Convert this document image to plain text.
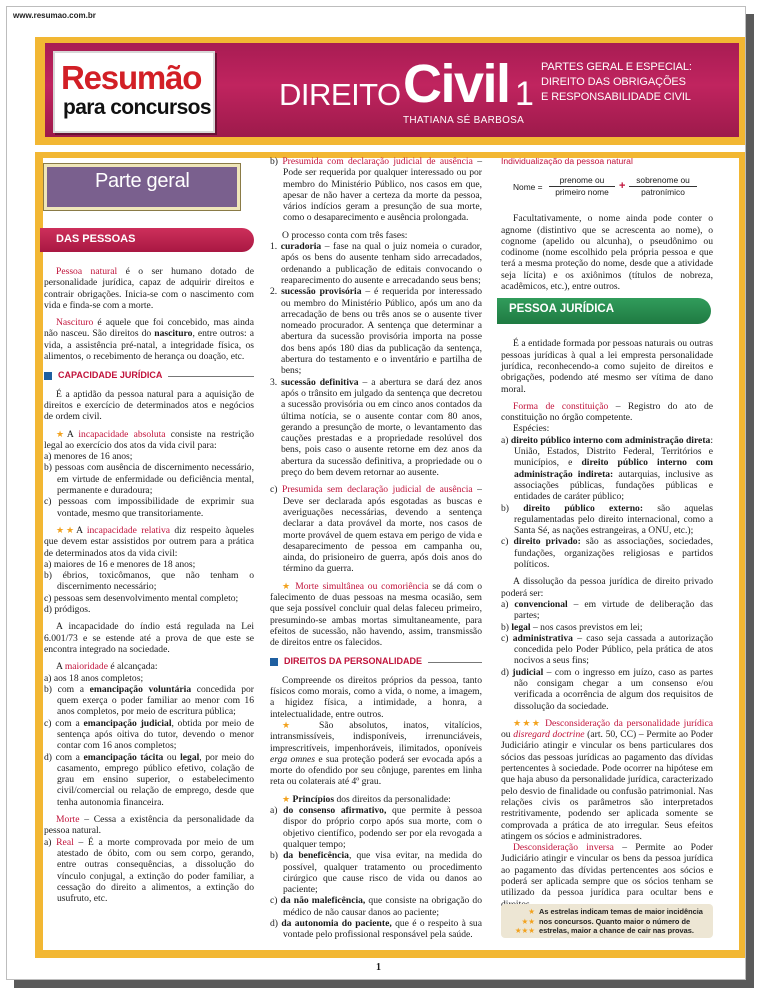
www.resumao.com.br
Resumão
para concursos DIREITO Civil 1
THATIANA SÉ BARBOSA
PARTES GERAL E ESPECIAL:
DIREITO DAS OBRIGAÇÕES
E RESPONSABILIDADE CIVIL
Parte geral
DAS PESSOAS

Pessoa natural é o ser humano dotado de personalidade jurídica, capaz de adquirir direitos e contrair obrigações. Inicia-se com o nascimento com vida e finda-se com a morte.

Nascituro é aquele que foi concebido, mas ainda não nasceu. São direitos do nascituro, entre outros: a vida, a assistência pré-natal, a integridade física, os alimentos, o recebimento de herança ou doação, etc.

CAPACIDADE JURÍDICA

É a aptidão da pessoa natural para a aquisição de direitos e exercício de determinados atos e negócios de ordem civil.

★A incapacidade absoluta consiste na restrição legal ao exercício dos atos da vida civil para:

a) menores de 16 anos;
b) pessoas com ausência de discernimento necessário, em virtude de enfermidade ou deficiência mental, permanente e duradoura;

c) pessoas com impossibilidade de exprimir sua vontade, mesmo que transitoriamente.

★★A incapacidade relativa diz respeito àqueles que devem estar assistidos por outrem para a prática de determinados atos da vida civil:

a) maiores de 16 e menores de 18 anos;
b) ébrios, toxicômanos, que não tenham o discernimento necessário;
c) pessoas sem desenvolvimento mental completo;

d) pródigos.

A incapacidade do índio está regulada na Lei 6.001/73 e se estende até a prova de que este se encontra integrado na sociedade.

A maioridade é alcançada:

a) aos 18 anos completos;
b) com a emancipação voluntária concedida por quem exerça o poder familiar ao menor com 16 anos completos, por meio de escritura pública;
c) com a emancipação judicial, obtida por meio de sentença após oitiva do tutor, devendo o menor contar com 16 anos completos;

d) com a emancipação tácita ou legal, por meio do casamento, emprego público efetivo, colação de grau em ensino superior, o estabelecimento civil/comercial ou relação de emprego, desde que tenha autonomia financeira.

Morte – Cessa a existência da personalidade da pessoa natural.

a) Real – É a morte comprovada por meio de um atestado de óbito, com ou sem corpo, gerando, entre outras consequências, a dissolução do vínculo conjugal, a extinção do poder familiar, a cessação do direito a alimentos, a extinção do usufruto, etc.

b) Presumida com declaração judicial de ausência – Pode ser requerida por qualquer interessado ou por membro do Ministério Público, nos casos em que, apesar de não haver a certeza da morte da pessoa, vários indícios geram a presunção de sua morte, como o desaparecimento e ausência prolongada.

O processo conta com três fases:
1. curadoria – fase na qual o juiz nomeia o curador, após os bens do ausente tenham sido arrecadados, ordenando a publicação de editais convocando o reaparecimento do ausente e arrecadando seus bens;
2. sucessão provisória – é requerida por interessado ou membro do Ministério Público, após um ano da arrecadação de bens ou três anos se o ausente tiver nomeado procurador. A sentença que determinar a abertura da sucessão provisória importa na posse dos bens após 180 dias da publicação da sentença, abertura do testamento e o inventário e partilha de bens;

3. sucessão definitiva – a abertura se dará dez anos após o trânsito em julgado da sentença que decretou a sucessão provisória ou em cinco anos contados da última notícia, se o ausente contar com 80 anos, gerando a presunção de morte, o levantamento das cauções prestadas e a propriedade resolúvel dos bens, pois caso o ausente retorne em dez anos da abertura da sucessão definitiva, a propriedade ou o preço do bem devem retornar ao ausente.

c) Presumida sem declaração judicial de ausência – Deve ser declarada após esgotadas as buscas e averiguações necessárias, devendo a sentença declarar a data provável da morte, nos casos de morte provável de quem estava em perigo de vida e desaparecimento de pessoa em campanha ou, ainda, do prisioneiro de guerra, após dois anos do término da guerra.

★ Morte simultânea ou comoriência se dá com o falecimento de duas pessoas na mesma ocasião, sem que seja possível concluir qual delas faleceu primeiro, presumindo-se ambas mortas simultaneamente, para efeitos de sucessão, não havendo, assim, transmissão de direitos entre os falecidos.

DIREITOS DA PERSONALIDADE

Compreende os direitos próprios da pessoa, tanto físicos como morais, como a vida, o nome, a imagem, a higidez física, a intimidade, a honra, a intelectualidade, entre outros.

★ São absolutos, inatos, vitalícios, intransmissíveis, indisponíveis, irrenunciáveis, imprescritíveis, impenhoráveis, ilimitados, oponíveis erga omnes e sua proteção poderá ser evocada após a morte do ofendido por seu cônjuge, parentes em linha reta ou colaterais até 4º grau.

★ Princípios dos direitos da personalidade:

a) do consenso afirmativo, que permite à pessoa dispor do próprio corpo após sua morte, com o objetivo científico, podendo ser por ela revogada a qualquer tempo;
b) da beneficência, que visa evitar, na medida do possível, qualquer tratamento ou procedimento cirúrgico que cause risco de vida ou danos ao paciente;
c) da não maleficência, que consiste na obrigação do médico de não causar danos ao paciente;
d) da autonomia do paciente, que é o respeito à sua vontade pelo profissional responsável pela saúde.
Individualização da pessoa natural
Nome =
prenome ou
primeiro nome +	sobrenome ou
patronímico

Facultativamente, o nome ainda pode conter o agnome (distintivo que se acrescenta ao nome), o cognome (apelido ou alcunha), o pseudônimo ou codinome (nome escolhido pela própria pessoa e que terá a mesma proteção do nome, desde que a atividade seja lícita) e os axiônimos (títulos de nobreza, acadêmicos, etc.), entre outros.

PESSOA JURÍDICA

É a entidade formada por pessoas naturais ou outras pessoas jurídicas à qual a lei empresta personalidade jurídica, reconhecendo-a como sujeito de direitos e obrigações, podendo até mesmo ser vítima de dano moral.

Forma de constituição – Registro do ato de constituição no órgão competente.
Espécies:
a) direito público interno com administração direta: União, Estados, Distrito Federal, Territórios e municípios, e direito público interno com administração indireta: autarquias, inclusive as associações públicas, fundações públicas e entidades de caráter público;
b) direito público externo: são aquelas regulamentadas pelo direito internacional, como a Santa Sé, as nações estrangeiras, a ONU, etc.);

c) direito privado: são as associações, sociedades, fundações, organizações religiosas e partidos políticos.

A dissolução da pessoa jurídica de direito privado poderá ser:
a) convencional – em virtude de deliberação das partes;
b) legal – nos casos previstos em lei;
c) administrativa – caso seja cassada a autorização concedida pelo Poder Público, pela prática de atos nocivos a seus fins;

d) judicial – com o ingresso em juízo, caso as partes não consigam chegar a um consenso e/ou verificada a ocorrência de algum dos requisitos de dissolução da sociedade.

★★★ Desconsideração da personalidade jurídica ou disregard doctrine (art. 50, CC) – Permite ao Poder Judiciário atingir e vincular os bens particulares dos sócios das pessoas jurídicas ao pagamento das dívidas pertencentes à sociedade. Pode ocorrer na hipótese em que haja abuso da personalidade jurídica, caracterizado pelo desvio de finalidade ou confusão patrimonial. Nas relações civis os parâmetros são interpretados restritivamente, podendo ser aplicada somente se comprovada a prática de ato irregular. Seus efeitos atingem os sócios e administradores.
Desconsideração inversa – Permite ao Poder Judiciário atingir e vincular os bens da pessoa jurídica ao pagamento das dívidas pertencentes aos sócios e poderá ser aplicada sempre que os sócios tenham se utilizado da pessoa jurídica para ocultar bens e
★
★★
★★★
As estrelas indicam temas de maior incidência
nos concursos. Quanto maior o número de
estrelas, maior a chance de cair nas provas.
1
